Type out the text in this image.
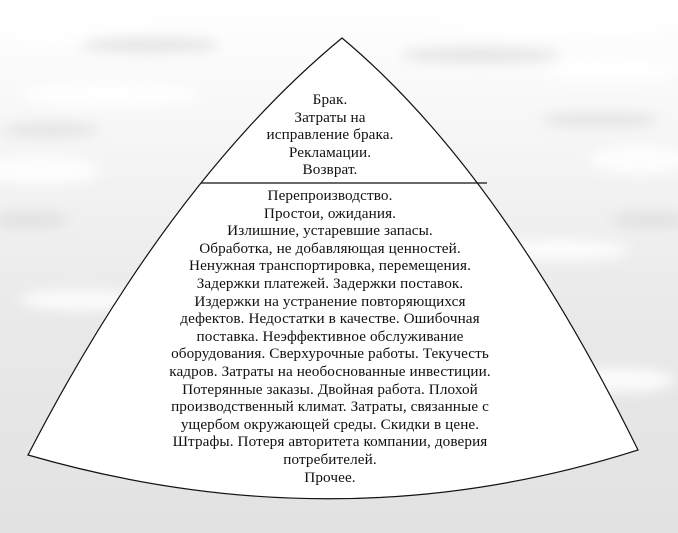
Брак.
Затраты на
исправление брака.
Рекламации.
Возврат.
Перепроизводство.
Простои, ожидания.
Излишние, устаревшие запасы.
Обработка, не добавляющая ценностей.
Ненужная транспортировка, перемещения.
Задержки платежей. Задержки поставок.
Издержки на устранение повторяющихся
дефектов. Недостатки в качестве. Ошибочная
поставка. Неэффективное обслуживание
оборудования. Сверхурочные работы. Текучесть
кадров. Затраты на необоснованные инвестиции.
Потерянные заказы. Двойная работа. Плохой
производственный климат. Затраты, связанные с
ущербом окружающей среды. Скидки в цене.
Штрафы. Потеря авторитета компании, доверия
потребителей.
Прочее.
